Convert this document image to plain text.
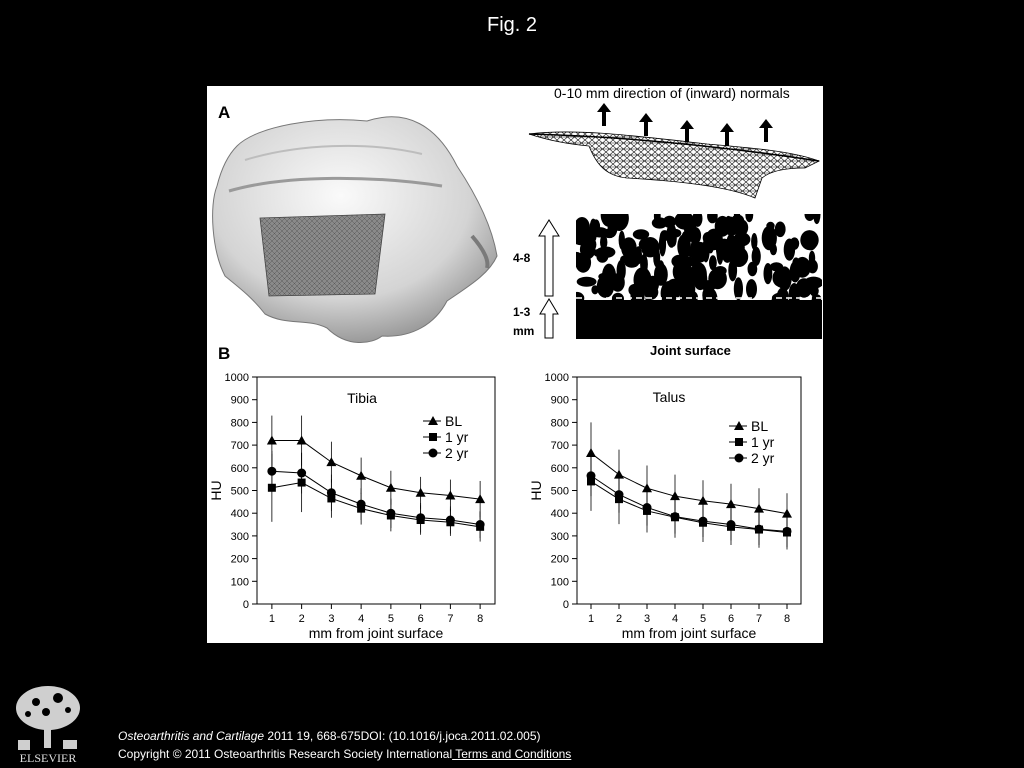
Fig. 2
A
0-10 mm direction of (inward) normals
Joint surface
4-8
1-3
mm
B
0
100
200
300
400
500
600
700
800
900
1000
1 2 3 4 5 6 7 8
mm from joint surface
HU
Tibia
BL
1 yr
2 yr
0
100
200
300
400
500
600
700
800
900
1000
1 2 3 4 5 6 7 8
mm from joint surface
HU
Talus
BL
1 yr
2 yr
ELSEVIER
Osteoarthritis and Cartilage 2011 19, 668-675DOI: (10.1016/j.joca.2011.02.005)
Copyright © 2011 Osteoarthritis Research Society International Terms and Conditions
